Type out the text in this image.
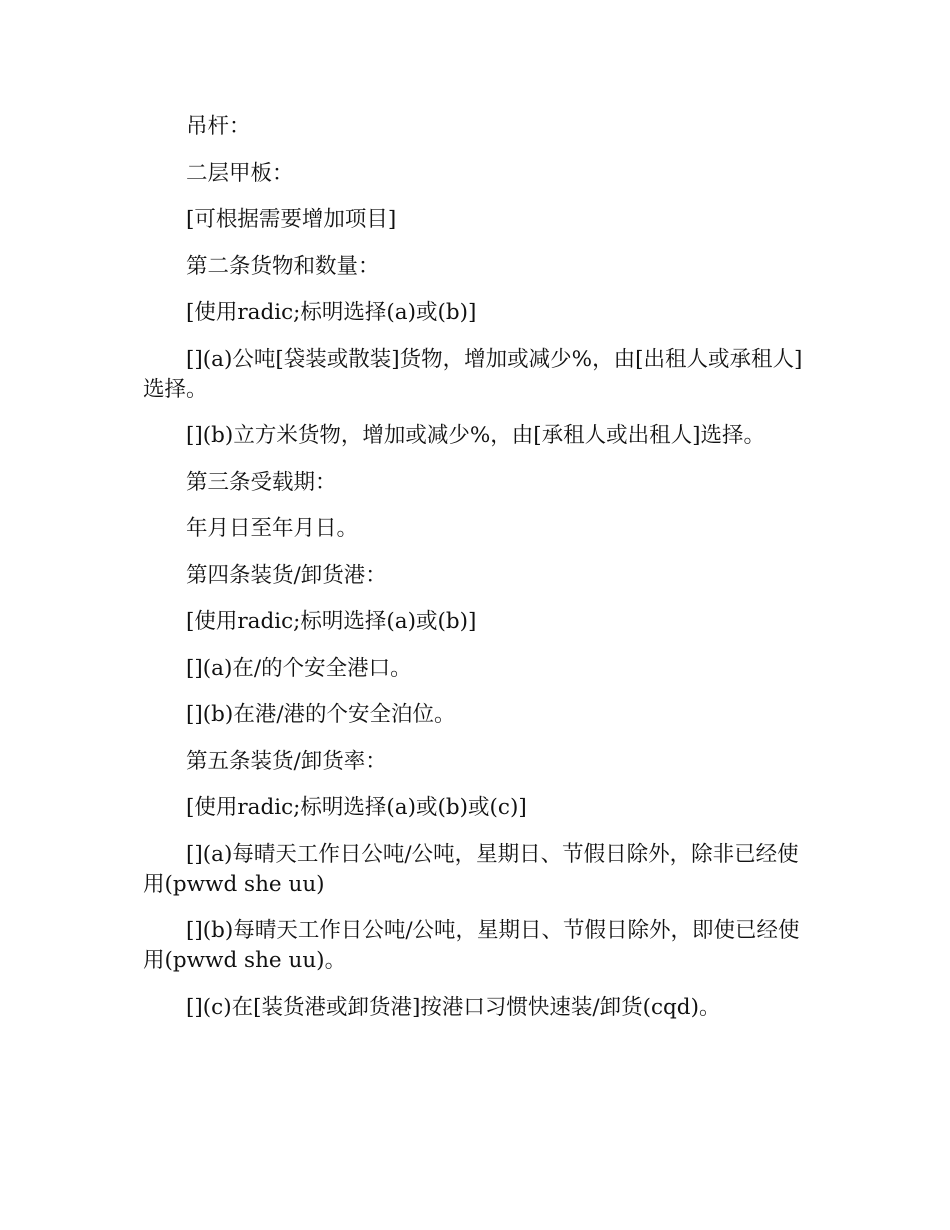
吊杆：

二层甲板：

[可根据需要增加项目]

第二条货物和数量：

[使用radic;标明选择(a)或(b)]

[](a)公吨[袋装或散装]货物，增加或减少%，由[出租人或承租人]选择。

[](b)立方米货物，增加或减少%，由[承租人或出租人]选择。

第三条受载期：

年月日至年月日。

第四条装货/卸货港：

[使用radic;标明选择(a)或(b)]

[](a)在/的个安全港口。

[](b)在港/港的个安全泊位。

第五条装货/卸货率：

[使用radic;标明选择(a)或(b)或(c)]

[](a)每晴天工作日公吨/公吨，星期日、节假日除外，除非已经使用(pwwd she uu)

[](b)每晴天工作日公吨/公吨，星期日、节假日除外，即使已经使用(pwwd she uu)。

[](c)在[装货港或卸货港]按港口习惯快速装/卸货(cqd)。
